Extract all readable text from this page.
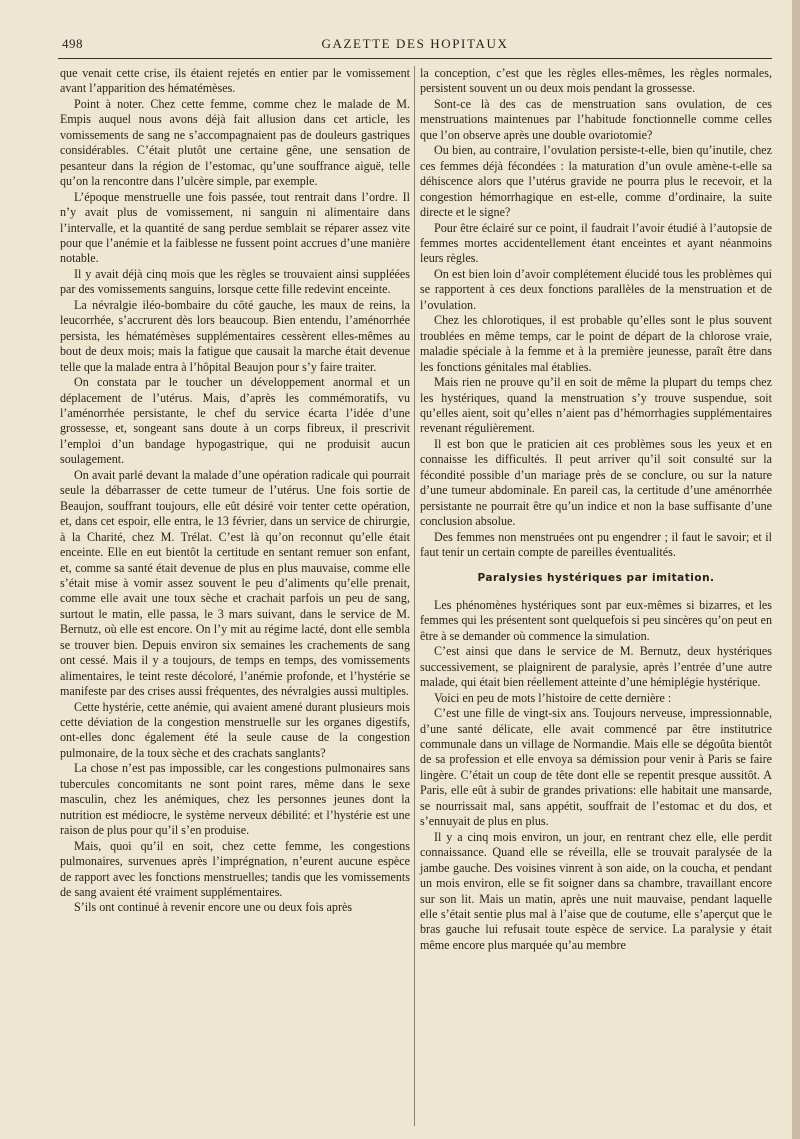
498	GAZETTE DES HOPITAUX

que venait cette crise, ils étaient rejetés en entier par le vomissement avant l’apparition des hématémèses.

Point à noter. Chez cette femme, comme chez le malade de M. Empis auquel nous avons déjà fait allusion dans cet article, les vomissements de sang ne s’accompagnaient pas de douleurs gastriques considérables. C’était plutôt une certaine gêne, une sensation de pesanteur dans la région de l’estomac, qu’une souffrance aiguë, telle qu’on la rencontre dans l’ulcère simple, par exemple.

L’époque menstruelle une fois passée, tout rentrait dans l’ordre. Il n’y avait plus de vomissement, ni sanguin ni alimentaire dans l’intervalle, et la quantité de sang perdue semblait se réparer assez vite pour que l’anémie et la faiblesse ne fussent point accrues d’une manière notable.

Il y avait déjà cinq mois que les règles se trouvaient ainsi suppléées par des vomissements sanguins, lorsque cette fille redevint enceinte.

La névralgie iléo-bombaire du côté gauche, les maux de reins, la leucorrhée, s’accrurent dès lors beaucoup. Bien entendu, l’aménorrhée persista, les hématémèses supplémentaires cessèrent elles-mêmes au bout de deux mois; mais la fatigue que causait la marche était devenue telle que la malade entra à l’hôpital Beaujon pour s’y faire traiter.

On constata par le toucher un développement anormal et un déplacement de l’utérus. Mais, d’après les commémoratifs, vu l’aménorrhée persistante, le chef du service écarta l’idée d’une grossesse, et, songeant sans doute à un corps fibreux, il prescrivit l’emploi d’un bandage hypogastrique, qui ne produisit aucun soulagement.

On avait parlé devant la malade d’une opération radicale qui pourrait seule la débarrasser de cette tumeur de l’utérus. Une fois sortie de Beaujon, souffrant toujours, elle eût désiré voir tenter cette opération, et, dans cet espoir, elle entra, le 13 février, dans un service de chirurgie, à la Charité, chez M. Trélat. C’est là qu’on reconnut qu’elle était enceinte. Elle en eut bientôt la certitude en sentant remuer son enfant, et, comme sa santé était devenue de plus en plus mauvaise, comme elle s’était mise à vomir assez souvent le peu d’aliments qu’elle prenait, comme elle avait une toux sèche et crachait parfois un peu de sang, surtout le matin, elle passa, le 3 mars suivant, dans le service de M. Bernutz, où elle est encore. On l’y mit au régime lacté, dont elle sembla se trouver bien. Depuis environ six semaines les crachements de sang ont cessé. Mais il y a toujours, de temps en temps, des vomissements alimentaires, le teint reste décoloré, l’anémie profonde, et l’hystérie se manifeste par des crises aussi fréquentes, des névralgies aussi multiples.

Cette hystérie, cette anémie, qui avaient amené durant plusieurs mois cette déviation de la congestion menstruelle sur les organes digestifs, ont-elles donc également été la seule cause de la congestion pulmonaire, de la toux sèche et des crachats sanglants?

La chose n’est pas impossible, car les congestions pulmonaires sans tubercules concomitants ne sont point rares, même dans le sexe masculin, chez les anémiques, chez les personnes jeunes dont la nutrition est médiocre, le système nerveux débilité: et l’hystérie est une raison de plus pour qu’il s’en produise.

Mais, quoi qu’il en soit, chez cette femme, les congestions pulmonaires, survenues après l’imprégnation, n’eurent aucune espèce de rapport avec les fonctions menstruelles; tandis que les vomissements de sang avaient été vraiment supplémentaires.

S’ils ont continué à revenir encore une ou deux fois après

la conception, c’est que les règles elles-mêmes, les règles normales, persistent souvent un ou deux mois pendant la grossesse.

Sont-ce là des cas de menstruation sans ovulation, de ces menstruations maintenues par l’habitude fonctionnelle comme celles que l’on observe après une double ovariotomie?

Ou bien, au contraire, l’ovulation persiste-t-elle, bien qu’inutile, chez ces femmes déjà fécondées : la maturation d’un ovule amène-t-elle sa déhiscence alors que l’utérus gravide ne pourra plus le recevoir, et la congestion hémorrhagique en est-elle, comme d’ordinaire, la suite directe et le signe?

Pour être éclairé sur ce point, il faudrait l’avoir étudié à l’autopsie de femmes mortes accidentellement étant enceintes et ayant néanmoins leurs règles.

On est bien loin d’avoir complétement élucidé tous les problèmes qui se rapportent à ces deux fonctions parallèles de la menstruation et de l’ovulation.

Chez les chlorotiques, il est probable qu’elles sont le plus souvent troublées en même temps, car le point de départ de la chlorose vraie, maladie spéciale à la femme et à la première jeunesse, paraît être dans les fonctions génitales mal établies.

Mais rien ne prouve qu’il en soit de même la plupart du temps chez les hystériques, quand la menstruation s’y trouve suspendue, soit qu’elles aient, soit qu’elles n’aient pas d’hémorrhagies supplémentaires revenant régulièrement.

Il est bon que le praticien ait ces problèmes sous les yeux et en connaisse les difficultés. Il peut arriver qu’il soit consulté sur la fécondité possible d’un mariage près de se conclure, ou sur la nature d’une tumeur abdominale. En pareil cas, la certitude d’une aménorrhée persistante ne pourrait être qu’un indice et non la base suffisante d’une conclusion absolue.

Des femmes non menstruées ont pu engendrer ; il faut le savoir; et il faut tenir un certain compte de pareilles éventualités.

Paralysies hystériques par imitation.

Les phénomènes hystériques sont par eux-mêmes si bizarres, et les femmes qui les présentent sont quelquefois si peu sincères qu’on peut en être à se demander où commence la simulation.

C’est ainsi que dans le service de M. Bernutz, deux hystériques successivement, se plaignirent de paralysie, après l’entrée d’une autre malade, qui était bien réellement atteinte d’une hémiplégie hystérique.

Voici en peu de mots l’histoire de cette dernière :

C’est une fille de vingt-six ans. Toujours nerveuse, impressionnable, d’une santé délicate, elle avait commencé par être institutrice communale dans un village de Normandie. Mais elle se dégoûta bientôt de sa profession et elle envoya sa démission pour venir à Paris se faire lingère. C’était un coup de tête dont elle se repentit presque aussitôt. A Paris, elle eût à subir de grandes privations: elle habitait une mansarde, se nourrissait mal, sans appétit, souffrait de l’estomac et du dos, et s’ennuyait de plus en plus.

Il y a cinq mois environ, un jour, en rentrant chez elle, elle perdit connaissance. Quand elle se réveilla, elle se trouvait paralysée de la jambe gauche. Des voisines vinrent à son aide, on la coucha, et pendant un mois environ, elle se fit soigner dans sa chambre, travaillant encore sur son lit. Mais un matin, après une nuit mauvaise, pendant laquelle elle s’était sentie plus mal à l’aise que de coutume, elle s’aperçut que le bras gauche lui refusait toute espèce de service. La paralysie y était même encore plus marquée qu’au membre
